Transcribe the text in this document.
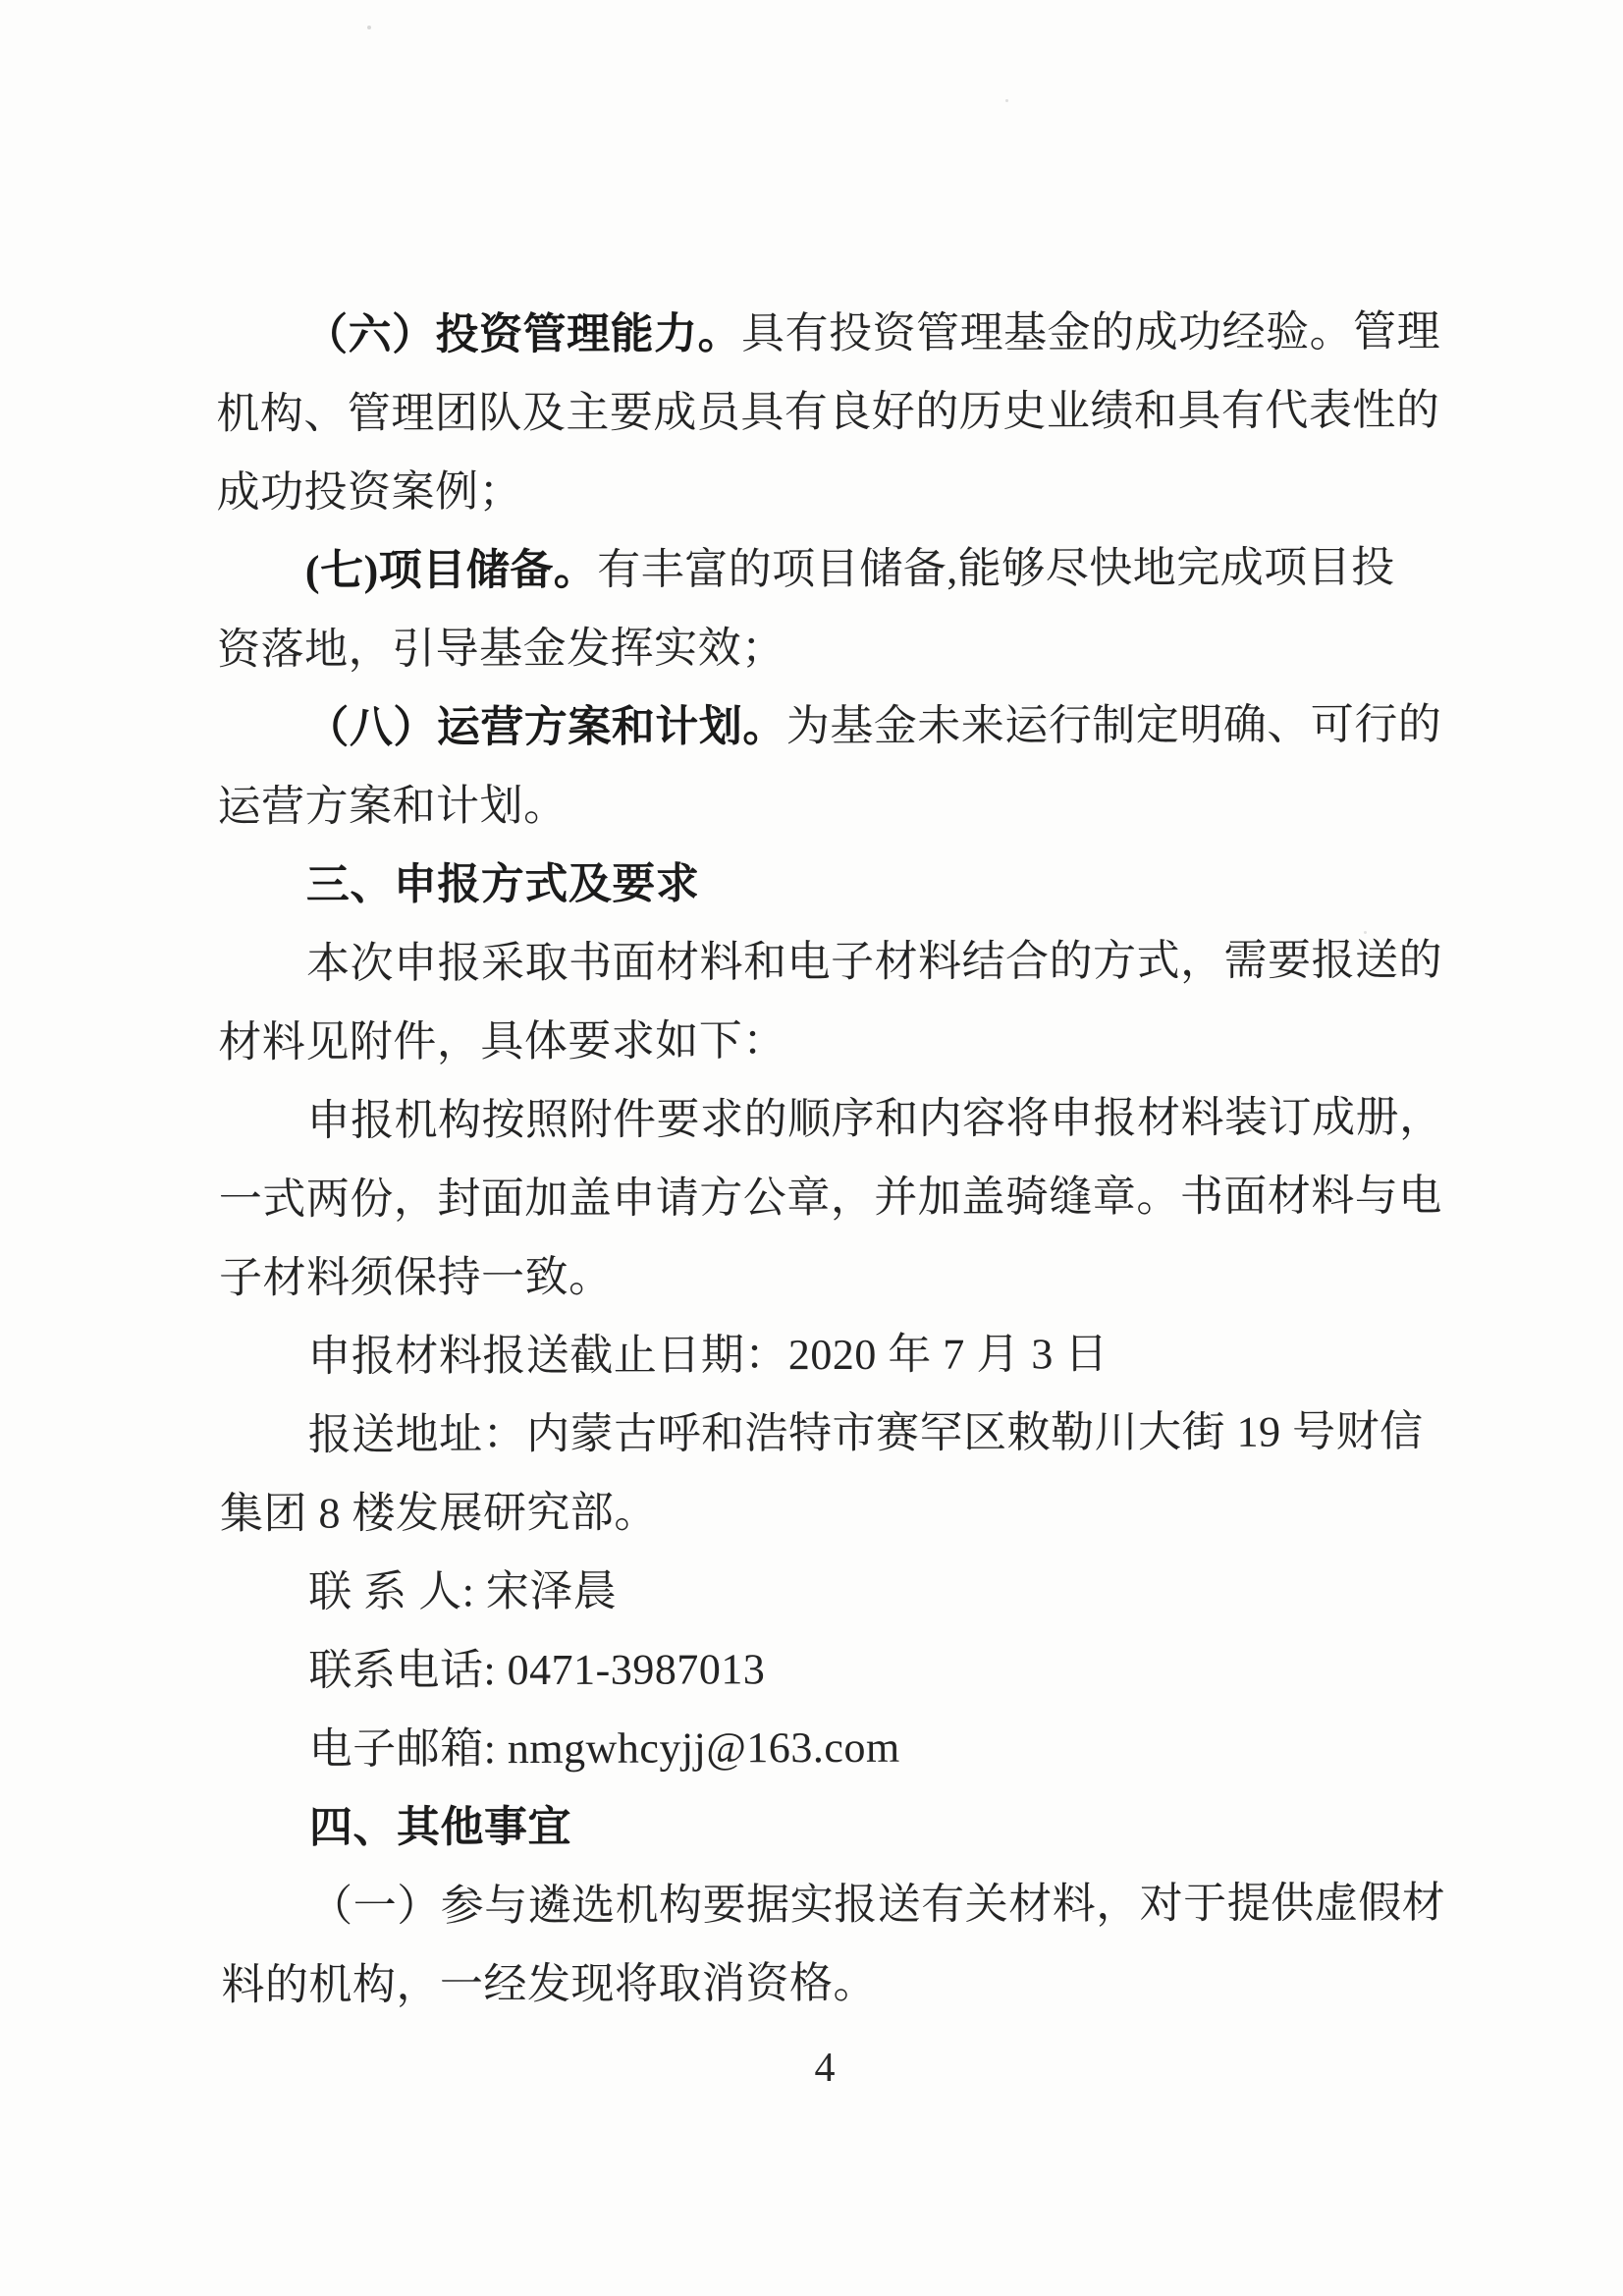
（六）投资管理能力。具有投资管理基金的成功经验。管理
机构、管理团队及主要成员具有良好的历史业绩和具有代表性的
成功投资案例；
(七)项目储备。有丰富的项目储备,能够尽快地完成项目投
资落地，引导基金发挥实效；
（八）运营方案和计划。为基金未来运行制定明确、可行的
运营方案和计划。
三、申报方式及要求
本次申报采取书面材料和电子材料结合的方式，需要报送的
材料见附件，具体要求如下：
申报机构按照附件要求的顺序和内容将申报材料装订成册，
一式两份，封面加盖申请方公章，并加盖骑缝章。书面材料与电
子材料须保持一致。
申报材料报送截止日期：2020 年 7 月 3 日
报送地址：内蒙古呼和浩特市赛罕区敕勒川大街 19 号财信
集团 8 楼发展研究部。
联 系 人: 宋泽晨
联系电话: 0471-3987013
电子邮箱: nmgwhcyjj@163.com
四、其他事宜
（一）参与遴选机构要据实报送有关材料，对于提供虚假材
料的机构，一经发现将取消资格。
4
